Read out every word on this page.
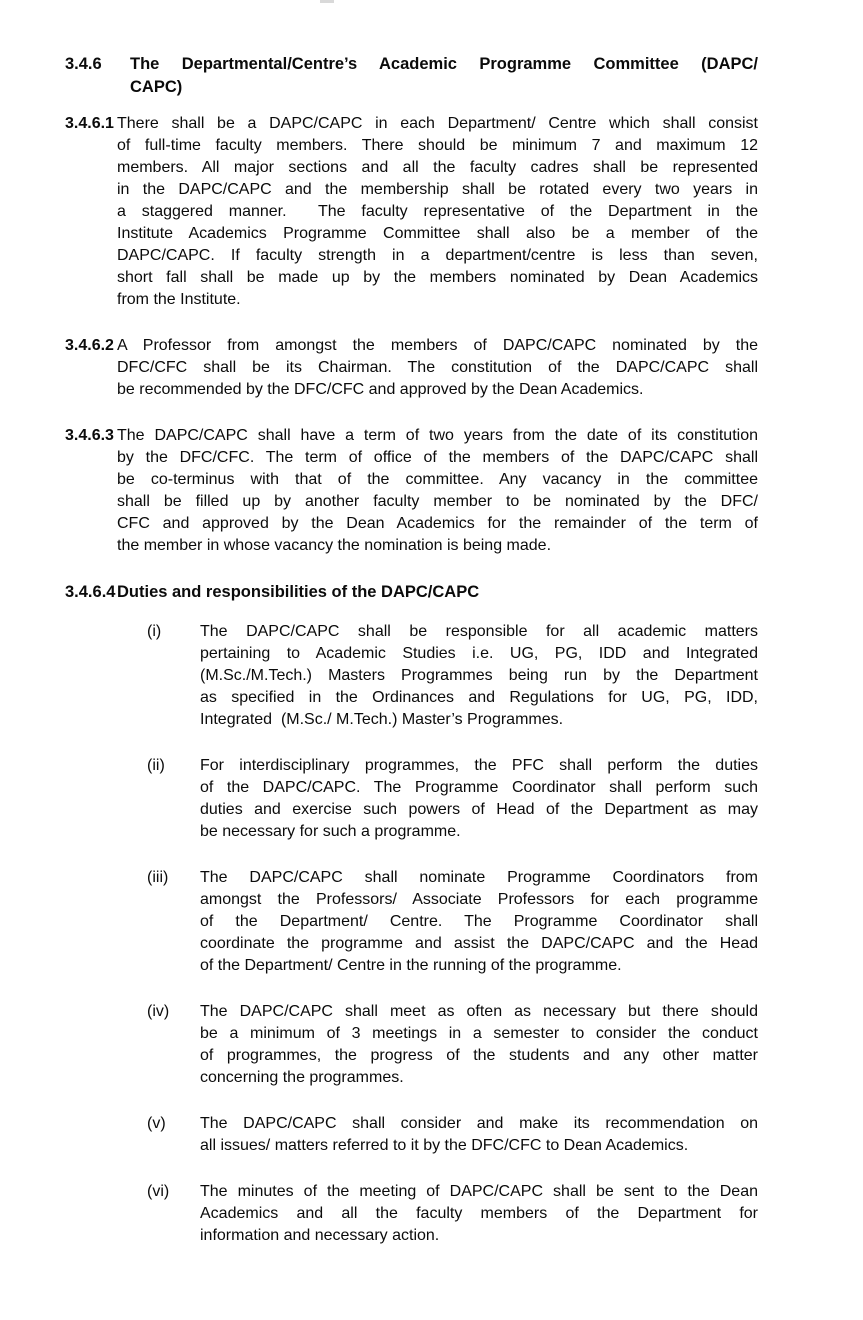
3.4.6	The Departmental/Centre’s Academic Programme Committee (DAPC/
CAPC)
3.4.6.1 There shall be a DAPC/CAPC in each Department/ Centre which shall consist
of full-time faculty members. There should be minimum 7 and maximum 12
members. All major sections and all the faculty cadres shall be represented
in the DAPC/CAPC and the membership shall be rotated every two years in
a staggered manner.  The faculty representative of the Department in the
Institute Academics Programme Committee shall also be a member of the
DAPC/CAPC. If faculty strength in a department/centre is less than seven,
short fall shall be made up by the members nominated by Dean Academics
from the Institute.
3.4.6.2 A Professor from amongst the members of DAPC/CAPC nominated by the
DFC/CFC shall be its Chairman. The constitution of the DAPC/CAPC shall
be recommended by the DFC/CFC and approved by the Dean Academics.
3.4.6.3 The DAPC/CAPC shall have a term of two years from the date of its constitution
by the DFC/CFC. The term of office of the members of the DAPC/CAPC shall
be co-terminus with that of the committee. Any vacancy in the committee
shall be filled up by another faculty member to be nominated by the DFC/
CFC and approved by the Dean Academics for the remainder of the term of
the member in whose vacancy the nomination is being made.
3.4.6.4 Duties and responsibilities of the DAPC/CAPC
(i)	The DAPC/CAPC shall be responsible for all academic matters
pertaining to Academic Studies i.e. UG, PG, IDD and Integrated
(M.Sc./M.Tech.) Masters Programmes being run by the Department
as specified in the Ordinances and Regulations for UG, PG, IDD,
Integrated  (M.Sc./ M.Tech.) Master’s Programmes.
(ii)	For interdisciplinary programmes, the PFC shall perform the duties
of the DAPC/CAPC. The Programme Coordinator shall perform such
duties and exercise such powers of Head of the Department as may
be necessary for such a programme.
(iii)	The DAPC/CAPC shall nominate Programme Coordinators from
amongst the Professors/ Associate Professors for each programme
of the Department/ Centre. The Programme Coordinator shall
coordinate the programme and assist the DAPC/CAPC and the Head
of the Department/ Centre in the running of the programme.
(iv)	The DAPC/CAPC shall meet as often as necessary but there should
be a minimum of 3 meetings in a semester to consider the conduct
of programmes, the progress of the students and any other matter
concerning the programmes.
(v)	The DAPC/CAPC shall consider and make its recommendation on
all issues/ matters referred to it by the DFC/CFC to Dean Academics.
(vi)	The minutes of the meeting of DAPC/CAPC shall be sent to the Dean
Academics and all the faculty members of the Department for
information and necessary action.
